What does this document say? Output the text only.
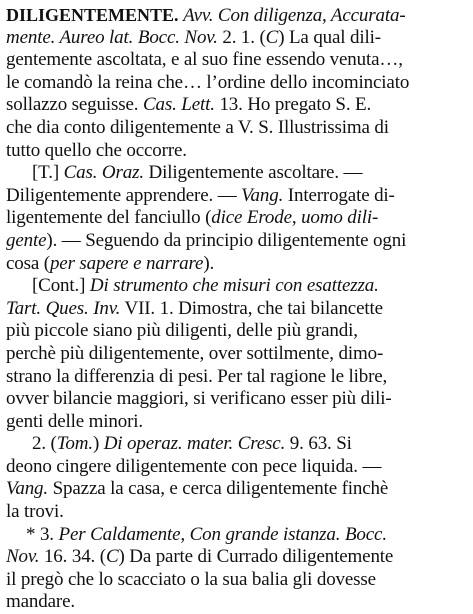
DILIGENTEMENTE. Avv. Con diligenza, Accurata-
mente. Aureo lat. Bocc. Nov. 2. 1. (C) La qual dili-
gentemente ascoltata, e al suo fine essendo venuta…,
le comandò la reina che… l’ordine dello incominciato
sollazzo seguisse. Cas. Lett. 13. Ho pregato S. E.
che dia conto diligentemente a V. S. Illustrissima di
tutto quello che occorre.
[T.] Cas. Oraz. Diligentemente ascoltare. —
Diligentemente apprendere. — Vang. Interrogate di-
ligentemente del fanciullo (dice Erode, uomo dili-
gente). — Seguendo da principio diligentemente ogni
cosa (per sapere e narrare).
[Cont.] Di strumento che misuri con esattezza.
Tart. Ques. Inv. VII. 1. Dimostra, che tai bilancette
più piccole siano più diligenti, delle più grandi,
perchè più diligentemente, over sottilmente, dimo-
strano la differenzia di pesi. Per tal ragione le libre,
ovver bilancie maggiori, si verificano esser più dili-
genti delle minori.
2. (Tom.) Di operaz. mater. Cresc. 9. 63. Si
deono cingere diligentemente con pece liquida. —
Vang. Spazza la casa, e cerca diligentemente finchè
la trovi.
* 3. Per Caldamente, Con grande istanza. Bocc.
Nov. 16. 34. (C) Da parte di Currado diligentemente
il pregò che lo scacciato o la sua balia gli dovesse
mandare.
